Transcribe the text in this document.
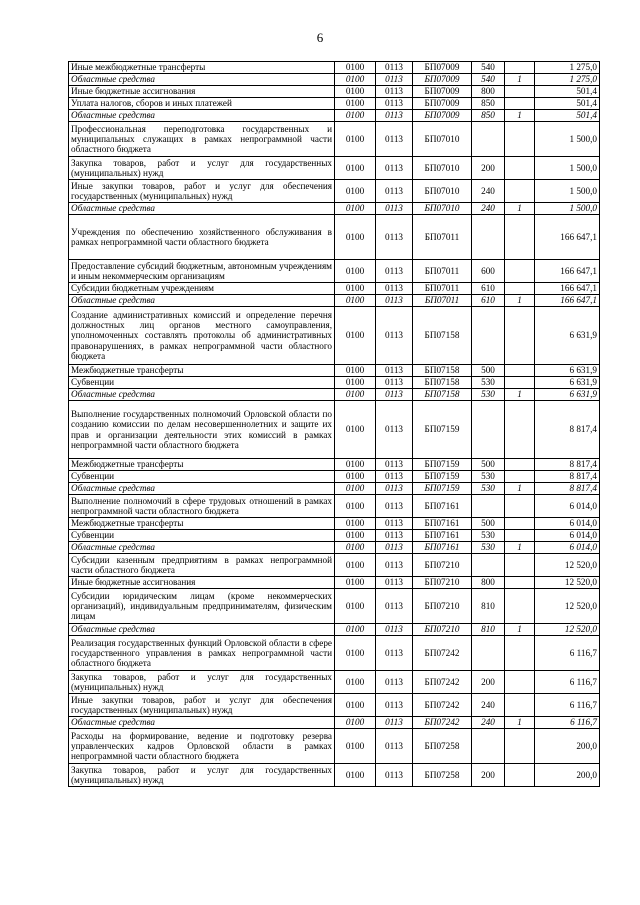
6
Иные межбюджетные трансферты	0100	0113	БП07009	540		1 275,0
Областные средства	0100	0113	БП07009	540	1	1 275,0
Иные бюджетные ассигнования	0100	0113	БП07009	800		501,4
Уплата налогов, сборов и иных платежей	0100	0113	БП07009	850		501,4
Областные средства	0100	0113	БП07009	850	1	501,4
Профессиональная переподготовка государственных и муниципальных служащих в рамках непрограммной части областного бюджета	0100	0113	БП07010			1 500,0
Закупка товаров, работ и услуг для государственных (муниципальных) нужд	0100	0113	БП07010	200		1 500,0
Иные закупки товаров, работ и услуг для обеспечения государственных (муниципальных) нужд	0100	0113	БП07010	240		1 500,0
Областные средства	0100	0113	БП07010	240	1	1 500,0
Учреждения по обеспечению хозяйственного обслуживания в рамках непрограммной части областного бюджета	0100	0113	БП07011			166 647,1
Предоставление субсидий бюджетным, автономным учреждениям и иным некоммерческим организациям	0100	0113	БП07011	600		166 647,1
Субсидии бюджетным учреждениям	0100	0113	БП07011	610		166 647,1
Областные средства	0100	0113	БП07011	610	1	166 647,1
Создание административных комиссий и определение перечня должностных лиц органов местного самоуправления, уполномоченных составлять протоколы об административных правонарушениях, в рамках непрограммной части областного бюджета	0100	0113	БП07158			6 631,9
Межбюджетные трансферты	0100	0113	БП07158	500		6 631,9
Субвенции	0100	0113	БП07158	530		6 631,9
Областные средства	0100	0113	БП07158	530	1	6 631,9
Выполнение государственных полномочий Орловской области по созданию комиссии по делам несовершеннолетних и защите их прав и организации деятельности этих комиссий в рамках непрограммной части областного бюджета	0100	0113	БП07159			8 817,4
Межбюджетные трансферты	0100	0113	БП07159	500		8 817,4
Субвенции	0100	0113	БП07159	530		8 817,4
Областные средства	0100	0113	БП07159	530	1	8 817,4
Выполнение полномочий в сфере трудовых отношений в рамках непрограммной части областного бюджета	0100	0113	БП07161			6 014,0
Межбюджетные трансферты	0100	0113	БП07161	500		6 014,0
Субвенции	0100	0113	БП07161	530		6 014,0
Областные средства	0100	0113	БП07161	530	1	6 014,0
Субсидии казенным предприятиям в рамках непрограммной части областного бюджета	0100	0113	БП07210			12 520,0
Иные бюджетные ассигнования	0100	0113	БП07210	800		12 520,0
Субсидии юридическим лицам (кроме некоммерческих организаций), индивидуальным предпринимателям, физическим лицам	0100	0113	БП07210	810		12 520,0
Областные средства	0100	0113	БП07210	810	1	12 520,0
Реализация государственных функций Орловской области в сфере государственного управления в рамках непрограммной части областного бюджета	0100	0113	БП07242			6 116,7
Закупка товаров, работ и услуг для государственных (муниципальных) нужд	0100	0113	БП07242	200		6 116,7
Иные закупки товаров, работ и услуг для обеспечения государственных (муниципальных) нужд	0100	0113	БП07242	240		6 116,7
Областные средства	0100	0113	БП07242	240	1	6 116,7
Расходы на формирование, ведение и подготовку резерва управленческих кадров Орловской области в рамках непрограммной части областного бюджета	0100	0113	БП07258			200,0
Закупка товаров, работ и услуг для государственных (муниципальных) нужд	0100	0113	БП07258	200		200,0
